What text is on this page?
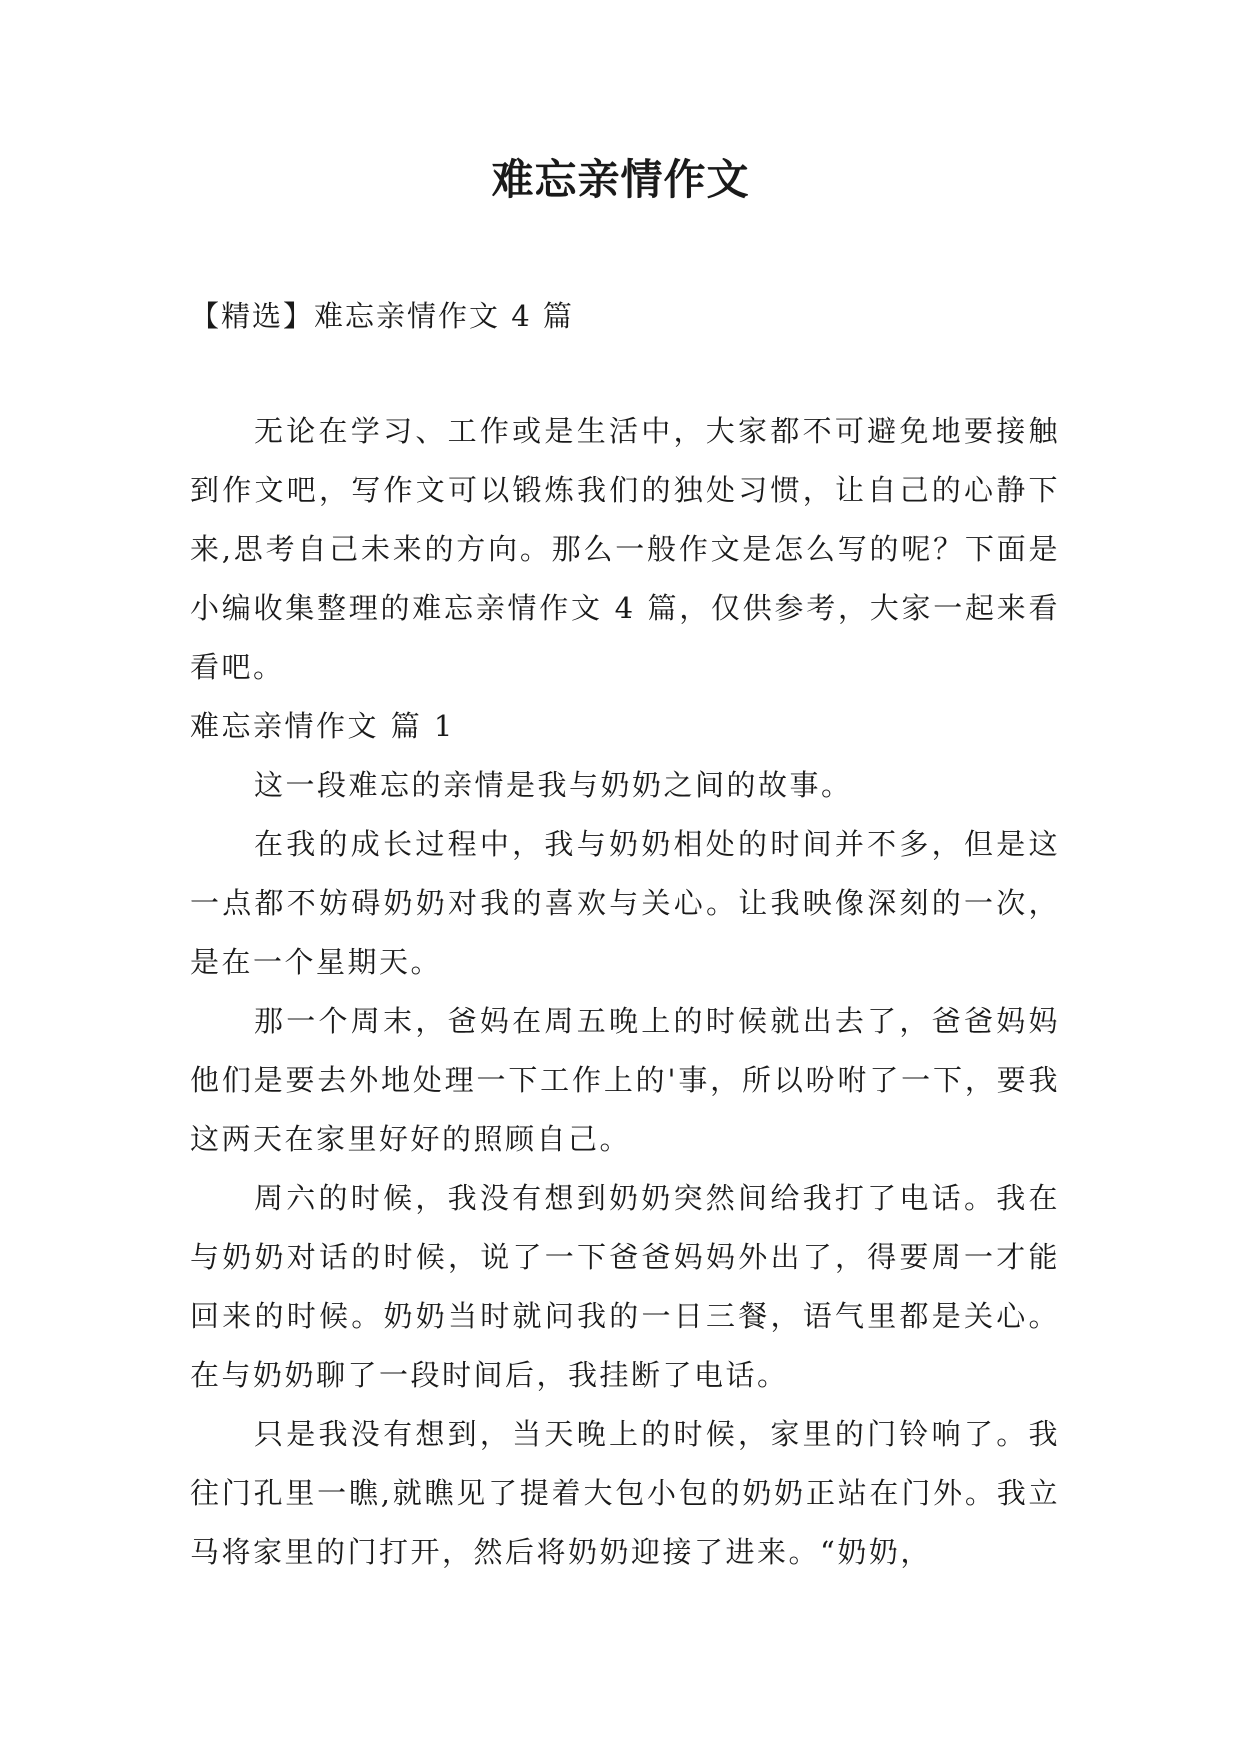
难忘亲情作文

【精选】难忘亲情作文 4 篇

无论在学习、工作或是生活中，大家都不可避免地要接触到作文吧，写作文可以锻炼我们的独处习惯，让自己的心静下来,思考自己未来的方向。那么一般作文是怎么写的呢？下面是小编收集整理的难忘亲情作文 4 篇，仅供参考，大家一起来看看吧。

难忘亲情作文 篇 1

这一段难忘的亲情是我与奶奶之间的故事。

在我的成长过程中，我与奶奶相处的时间并不多，但是这一点都不妨碍奶奶对我的喜欢与关心。让我映像深刻的一次，是在一个星期天。

那一个周末，爸妈在周五晚上的时候就出去了，爸爸妈妈他们是要去外地处理一下工作上的'事，所以吩咐了一下，要我这两天在家里好好的照顾自己。

周六的时候，我没有想到奶奶突然间给我打了电话。我在与奶奶对话的时候，说了一下爸爸妈妈外出了，得要周一才能回来的时候。奶奶当时就问我的一日三餐，语气里都是关心。在与奶奶聊了一段时间后，我挂断了电话。

只是我没有想到，当天晚上的时候，家里的门铃响了。我往门孔里一瞧,就瞧见了提着大包小包的奶奶正站在门外。我立马将家里的门打开，然后将奶奶迎接了进来。“奶奶，
